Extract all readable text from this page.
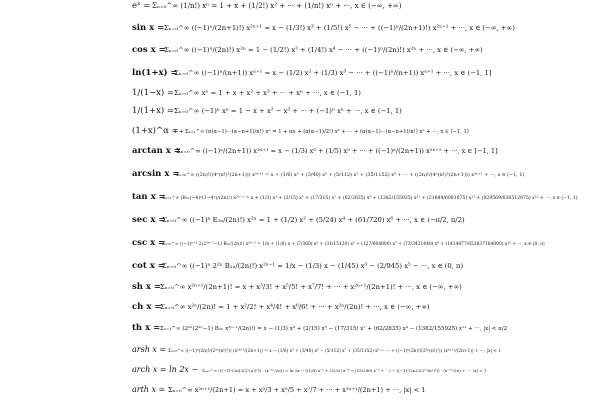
eˣ = Σₙ₌₀^∞ (1/n!) xⁿ = 1 + x + (1/2!) x² + ··· + (1/n!) xⁿ + ···, x ∈ (−∞, +∞)
sin x = Σₙ₌₀^∞ ((−1)ⁿ/(2n+1)!) x²ⁿ⁺¹ = x − (1/3!) x³ + (1/5!) x⁵ − ··· + ((−1)ⁿ/(2n+1)!) x²ⁿ⁺¹ + ···, x ∈ (−∞, +∞)
cos x =
Σₙ₌₀^∞ ((−1)ⁿ/(2n)!) x²ⁿ = 1 − (1/2!) x² + (1/4!) x⁴ − ··· + ((−1)ⁿ/(2n)!) x²ⁿ + ···, x ∈ (−∞, +∞)
ln(1+x) =
Σₙ₌₀^∞ ((−1)ⁿ/(n+1)) xⁿ⁺¹ = x − (1/2) x² + (1/3) x³ − ··· + ((−1)ⁿ/(n+1)) xⁿ⁺¹ + ···, x ∈ (−1, 1]
1/(1−x) = Σₙ₌₀^∞ xⁿ = 1 + x + x² + x³ + ··· + xⁿ + ···, x ∈ (−1, 1)
1/(1+x) = Σₙ₌₀^∞ (−1)ⁿ xⁿ = 1 − x + x² − x³ + ··· + (−1)ⁿ xⁿ + ···, x ∈ (−1, 1)
(1+x)^α =
1 + Σₙ₌₁^∞ (α(α−1)···(α−n+1)/n!) xⁿ = 1 + αx + (α(α−1)/2!) x² + ··· + (α(α−1)···(α−n+1)/n!) xⁿ + ···, x ∈ (−1, 1)
arctan x =
Σₙ₌₀^∞ ((−1)ⁿ/(2n+1)) x²ⁿ⁺¹ = x − (1/3) x³ + (1/5) x⁵ + ··· + ((−1)ⁿ/(2n+1)) x²ⁿ⁺¹ + ···, x ∈ [−1, 1]
arcsin x =
Σₙ₌₀^∞ ((2n)!/(4ⁿ(n!)²(2n+1))) x²ⁿ⁺¹ = x + (1/6) x³ + (3/40) x⁵ + (5/112) x⁷ + (35/1152) x⁹ + ··· + ((2n)!/(4ⁿ(n!)²(2n+1))) x²ⁿ⁺¹ + ···, x ∈ (−1, 1)
tan x =
Σₙ₌₁^∞ (B₂ₙ(−4)ⁿ(1−4ⁿ)/(2n)!) x²ⁿ⁻¹ = x + (1/3) x³ + (2/15) x⁵ + (17/315) x⁷ + (62/2835) x⁹ + (1382/155925) x¹¹ + (21844/6081075) x¹³ + (929569/638512875) x¹⁵ + ···, x ∈ (−1, 1)
sec x =
Σₙ₌₀^∞ ((−1)ⁿ E₂ₙ/(2n)!) x²ⁿ = 1 + (1/2) x² + (5/24) x⁴ + (61/720) x⁶ + ···, x ∈ (−π/2, π/2)
csc x =
Σₙ₌₀^∞ ((−1)ⁿ⁺¹ 2(2²ⁿ⁻¹−1) B₂ₙ/(2n)!) x²ⁿ⁻¹ = 1/x + (1/6) x + (7/360) x³ + (31/15120) x⁵ + (127/604800) x⁷ + (73/3421440) x⁹ + (1414477/653837184000) x¹¹ + ···, x ∈ (0, π)
cot x =
Σₙ₌₀^∞ ((−1)ⁿ 2²ⁿ B₂ₙ/(2n)!) x²ⁿ⁻¹ = 1/x − (1/3) x − (1/45) x³ − (2/945) x⁵ − ···, x ∈ (0, π)
sh x =
Σₙ₌₀^∞ x²ⁿ⁺¹/(2n+1)! = x + x³/3! + x⁵/5! + x⁷/7! + ··· + x²ⁿ⁺¹/(2n+1)! + ···, x ∈ (−∞, +∞)
ch x =
Σₙ₌₀^∞ x²ⁿ/(2n)! = 1 + x²/2! + x⁴/4! + x⁶/6! + ··· + x²ⁿ/(2n)! + ···, x ∈ (−∞, +∞)
th x = Σₙ₌₁^∞ (2²ⁿ(2²ⁿ−1) B₂ₙ x²ⁿ⁻¹/(2n)!) = x − (1/3) x³ + (2/15) x⁵ − (17/315) x⁷ + (62/2835) x⁹ − (1382/155925) x¹¹ + ···, |x| < π/2
arsh x = Σₙ₌₀^∞ ((−1)ⁿ(2n)!/(2²ⁿ(n!)²)) (x²ⁿ⁺¹/(2n+1)) = x − (1/6) x³ + (3/40) x⁵ − (5/112) x⁷ + (35/1152) x⁹ − ··· + ((−1)ⁿ(2n)!/(2²ⁿ(n!)²)) (x²ⁿ⁺¹/(2n+1)) + ···, |x| < 1
arch x = ln 2x − Σₙ₌₁^∞ (((−1)ⁿ(2n)!/(2ⁿ(n!)²)) · (x⁻²ⁿ/2n)) = ln 2x − ((1/4) x⁻² + (3/32) x⁻⁴ + (15/288) x⁻⁶ + ···) − ((−1)ⁿ(2n)!/(2²ⁿ(n!)²)) · (x⁻²ⁿ/2n) + ···, |x| > 1
arth x = Σₙ₌₀^∞ x²ⁿ⁺¹/(2n+1) = x + x³/3 + x⁵/5 + x⁷/7 + ··· + x²ⁿ⁺¹/(2n+1) + ···, |x| < 1
